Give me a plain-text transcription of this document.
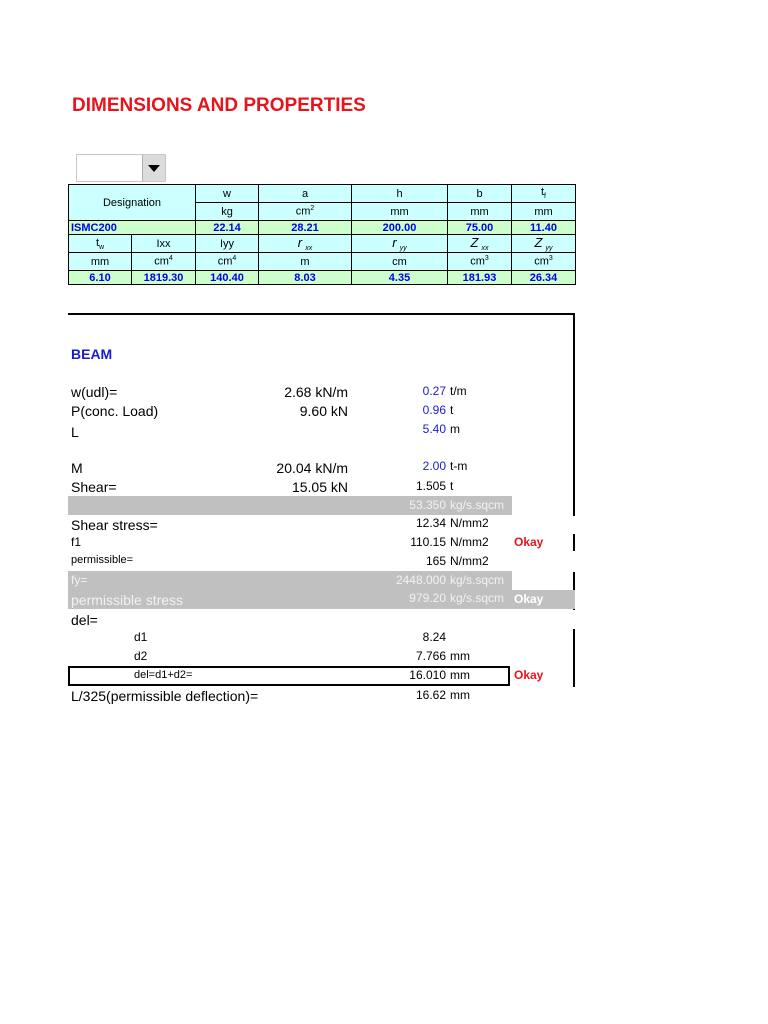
DIMENSIONS AND PROPERTIES
Designation		w	a	h	b	$t_f$
		kg	$cm^2$	mm	mm	mm
ISMC200		22.14	28.21	200.00	75.00	11.40
$t_w$	Ixx	Iyy	r $_{xx}$	r $_{yy}$	Z $_{xx}$	Z $_{yy}$
mm	$cm^4$	$cm^4$	m	cm	$cm^3$	$cm^3$
6.10	1819.30	140.40	8.03	4.35	181.93	26.34
BEAM
w(udl)=	2.68 kN/m	0.27 t/m
P(conc. Load)	9.60 kN	0.96 t
L	5.40 m
M	20.04 kN/m	2.00 t-m
Shear=	15.05 kN	1.505 t
53.350 kg/s.sqcm
Shear stress=	12.34 N/mm2
f1	110.15 N/mm2 Okay
permissible=	165 N/mm2
fy=	2448.000 kg/s.sqcm
permissible stress	979.20 kg/s.sqcm Okay
del=
d1	8.24
d2	7.766 mm
del=d1+d2=	16.010 mm	Okay
L/325(permissible deflection)=	16.62 mm
